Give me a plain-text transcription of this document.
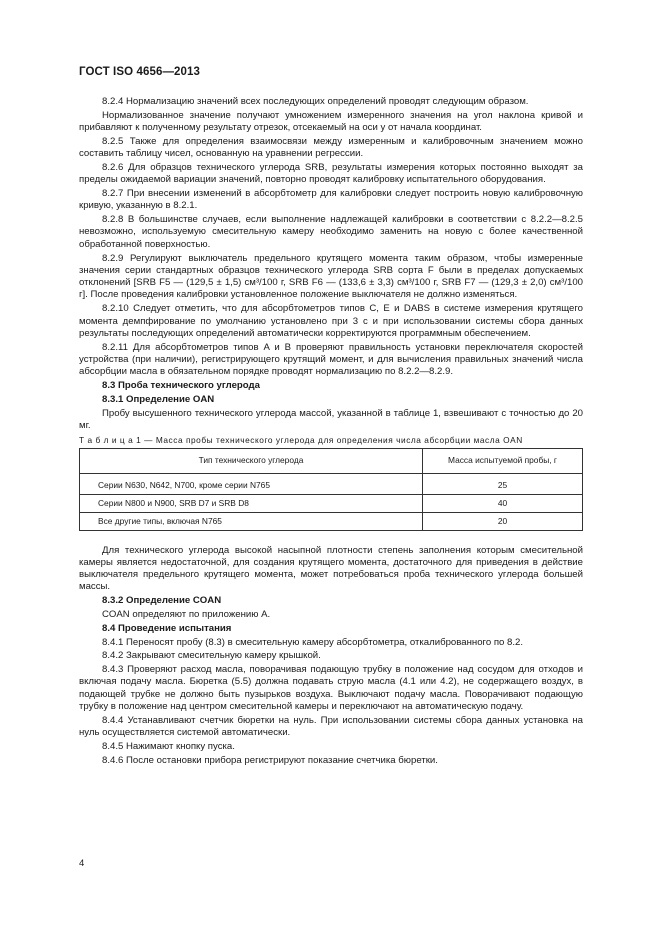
ГОСТ ISO 4656—2013

8.2.4 Нормализацию значений всех последующих определений проводят следующим образом.

Нормализованное значение получают умножением измеренного значения на угол наклона кривой и прибавляют к полученному результату отрезок, отсекаемый на оси y от начала координат.

8.2.5 Также для определения взаимосвязи между измеренным и калибровочным значением можно составить таблицу чисел, основанную на уравнении регрессии.

8.2.6 Для образцов технического углерода SRB, результаты измерения которых постоянно выходят за пределы ожидаемой вариации значений, повторно проводят калибровку испытательного оборудования.

8.2.7 При внесении изменений в абсорбтометр для калибровки следует построить новую калибровочную кривую, указанную в 8.2.1.

8.2.8 В большинстве случаев, если выполнение надлежащей калибровки в соответствии с 8.2.2—8.2.5 невозможно, используемую смесительную камеру необходимо заменить на новую с более качественной обработанной поверхностью.

8.2.9 Регулируют выключатель предельного крутящего момента таким образом, чтобы измеренные значения серии стандартных образцов технического углерода SRB сорта F были в пределах допускаемых отклонений [SRB F5 — (129,5 ± 1,5) см³/100 г, SRB F6 — (133,6 ± 3,3) см³/100 г, SRB F7 — (129,3 ± 2,0) см³/100 г]. После проведения калибровки установленное положение выключателя не должно изменяться.

8.2.10 Следует отметить, что для абсорбтометров типов C, E и DABS в системе измерения крутящего момента демпфирование по умолчанию установлено при 3 с и при использовании системы сбора данных результаты последующих определений автоматически корректируются программным обеспечением.

8.2.11 Для абсорбтометров типов A и B проверяют правильность установки переключателя скоростей устройства (при наличии), регистрирующего крутящий момент, и для вычисления правильных значений числа абсорбции масла в обязательном порядке проводят нормализацию по 8.2.2—8.2.9.

8.3 Проба технического углерода

8.3.1 Определение OAN

Пробу высушенного технического углерода массой, указанной в таблице 1, взвешивают с точностью до 20 мг.

Т а б л и ц а 1 — Масса пробы технического углерода для определения числа абсорбции масла OAN

Тип технического углерода	Масса испытуемой пробы, г
Серии N630, N642, N700, кроме серии N765	25
Серии N800 и N900, SRB D7 и SRB D8	40
Все другие типы, включая N765	20

Для технического углерода высокой насыпной плотности степень заполнения которым смесительной камеры является недостаточной, для создания крутящего момента, достаточного для приведения в действие выключателя предельного крутящего момента, может потребоваться проба технического углерода большей массы.

8.3.2 Определение COAN

COAN определяют по приложению А.

8.4 Проведение испытания

8.4.1 Переносят пробу (8.3) в смесительную камеру абсорбтометра, откалиброванного по 8.2.

8.4.2 Закрывают смесительную камеру крышкой.

8.4.3 Проверяют расход масла, поворачивая подающую трубку в положение над сосудом для отходов и включая подачу масла. Бюретка (5.5) должна подавать струю масла (4.1 или 4.2), не содержащего воздух, в подающей трубке не должно быть пузырьков воздуха. Выключают подачу масла. Поворачивают подающую трубку в положение над центром смесительной камеры и переключают на автоматическую подачу.

8.4.4 Устанавливают счетчик бюретки на нуль. При использовании системы сбора данных установка на нуль осуществляется системой автоматически.

8.4.5 Нажимают кнопку пуска.

8.4.6 После остановки прибора регистрируют показание счетчика бюретки.

4
